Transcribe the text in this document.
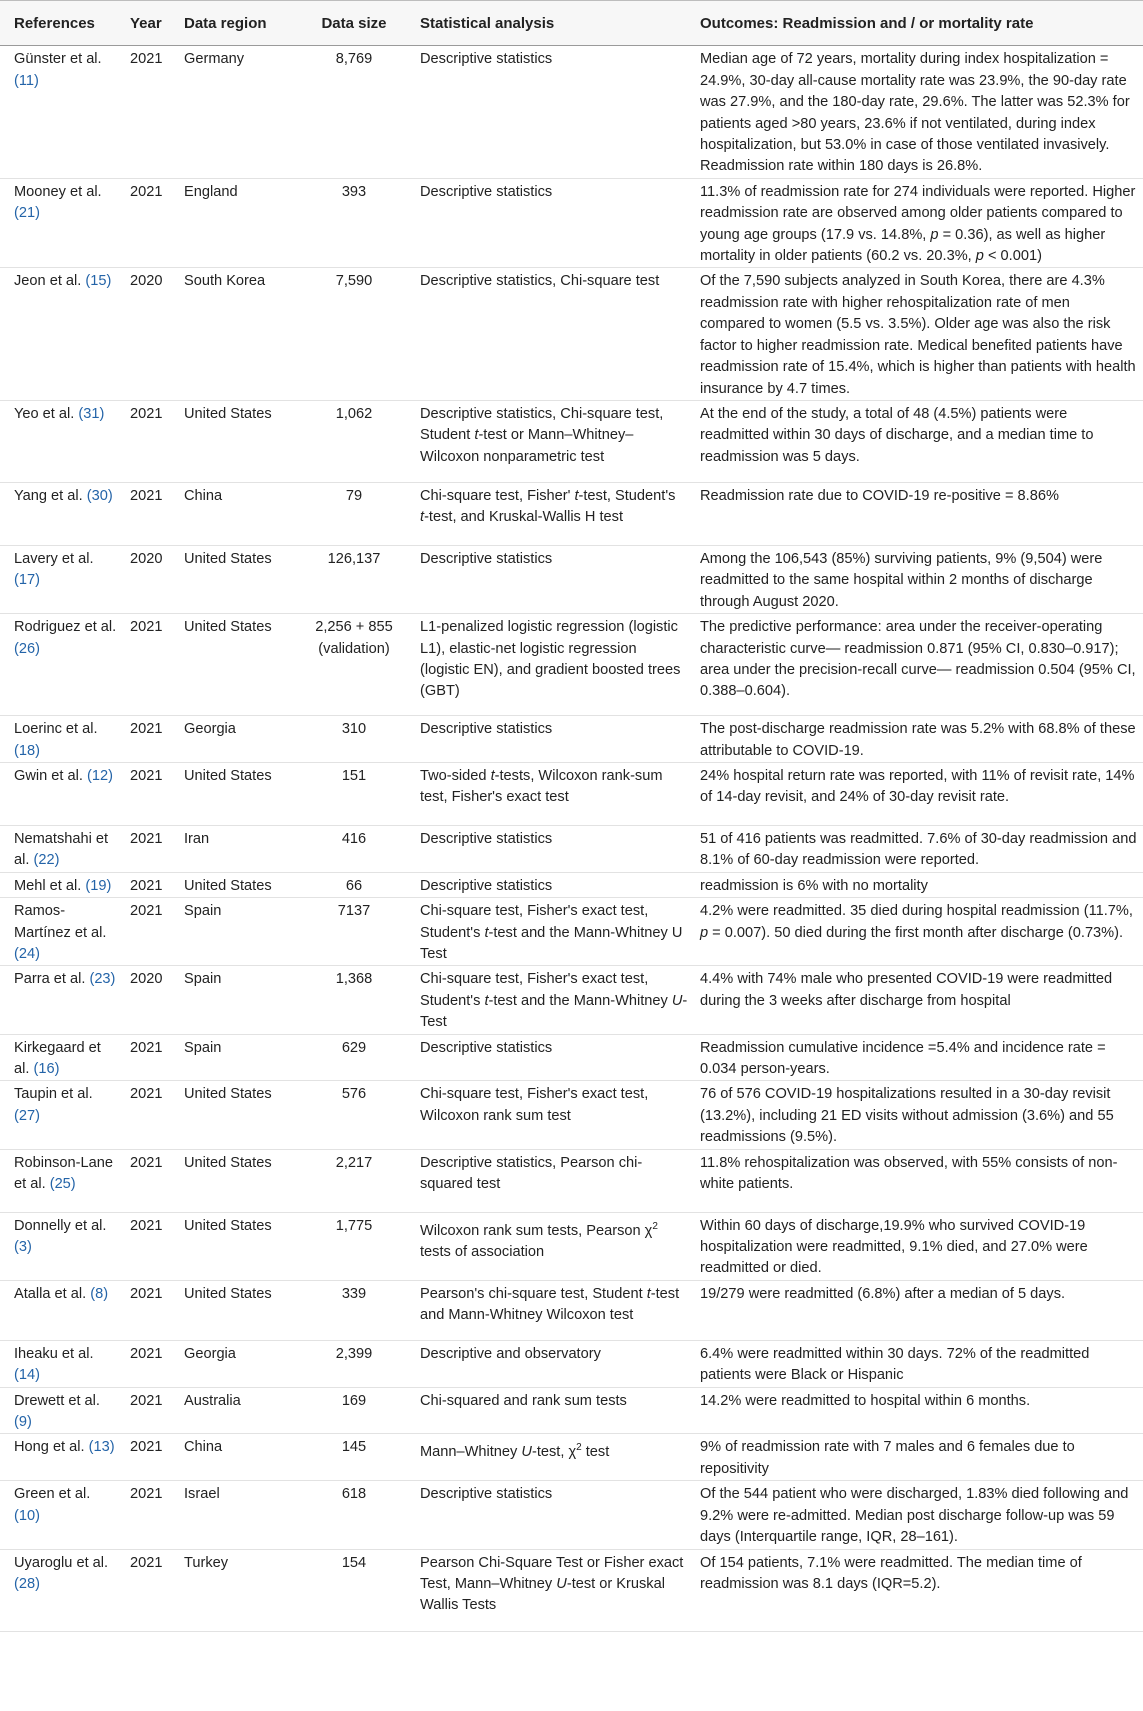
References	Year	Data region	Data size	Statistical analysis	Outcomes: Readmission and / or mortality rate

Günster et al. (11)	2021	Germany	8,769	Descriptive statistics	Median age of 72 years, mortality during index hospitalization = 24.9%, 30-day all-cause mortality rate was 23.9%, the 90-day rate was 27.9%, and the 180-day rate, 29.6%. The latter was 52.3% for patients aged >80 years, 23.6% if not ventilated, during index hospitalization, but 53.0% in case of those ventilated invasively. Readmission rate within 180 days is 26.8%.

Mooney et al. (21)	2021	England	393	Descriptive statistics	11.3% of readmission rate for 274 individuals were reported. Higher readmission rate are observed among older patients compared to young age groups (17.9 vs. 14.8%, p = 0.36), as well as higher mortality in older patients (60.2 vs. 20.3%, p < 0.001)

Jeon et al. (15)	2020	South Korea	7,590	Descriptive statistics, Chi-square test	Of the 7,590 subjects analyzed in South Korea, there are 4.3% readmission rate with higher rehospitalization rate of men compared to women (5.5 vs. 3.5%). Older age was also the risk factor to higher readmission rate. Medical benefited patients have readmission rate of 15.4%, which is higher than patients with health insurance by 4.7 times.

Yeo et al. (31)	2021	United States	1,062	Descriptive statistics, Chi-square test, Student t-test or Mann–Whitney–Wilcoxon nonparametric test	At the end of the study, a total of 48 (4.5%) patients were readmitted within 30 days of discharge, and a median time to readmission was 5 days.

Yang et al. (30)	2021	China	79	Chi-square test, Fisher' t-test, Student's t-test, and Kruskal-Wallis H test	Readmission rate due to COVID-19 re-positive = 8.86%

Lavery et al. (17)	2020	United States	126,137	Descriptive statistics	Among the 106,543 (85%) surviving patients, 9% (9,504) were readmitted to the same hospital within 2 months of discharge through August 2020.

Rodriguez et al. (26)	2021	United States	2,256 + 855 (validation)	L1-penalized logistic regression (logistic L1), elastic-net logistic regression (logistic EN), and gradient boosted trees (GBT)	The predictive performance: area under the receiver-operating characteristic curve— readmission 0.871 (95% CI, 0.830–0.917); area under the precision-recall curve— readmission 0.504 (95% CI, 0.388–0.604).

Loerinc et al. (18)	2021	Georgia	310	Descriptive statistics	The post-discharge readmission rate was 5.2% with 68.8% of these attributable to COVID-19.

Gwin et al. (12)	2021	United States	151	Two-sided t-tests, Wilcoxon rank-sum test, Fisher's exact test	24% hospital return rate was reported, with 11% of revisit rate, 14% of 14-day revisit, and 24% of 30-day revisit rate.

Nematshahi et al. (22)	2021	Iran	416	Descriptive statistics	51 of 416 patients was readmitted. 7.6% of 30-day readmission and 8.1% of 60-day readmission were reported.

Mehl et al. (19)	2021	United States	66	Descriptive statistics	readmission is 6% with no mortality

Ramos-Martínez et al. (24)	2021	Spain	7137	Chi-square test, Fisher's exact test, Student's t-test and the Mann-Whitney U Test	4.2% were readmitted. 35 died during hospital readmission (11.7%, p = 0.007). 50 died during the first month after discharge (0.73%).

Parra et al. (23)	2020	Spain	1,368	Chi-square test, Fisher's exact test, Student's t-test and the Mann-Whitney U-Test	4.4% with 74% male who presented COVID-19 were readmitted during the 3 weeks after discharge from hospital

Kirkegaard et al. (16)	2021	Spain	629	Descriptive statistics	Readmission cumulative incidence =5.4% and incidence rate = 0.034 person-years.

Taupin et al. (27)	2021	United States	576	Chi-square test, Fisher's exact test, Wilcoxon rank sum test	76 of 576 COVID-19 hospitalizations resulted in a 30-day revisit (13.2%), including 21 ED visits without admission (3.6%) and 55 readmissions (9.5%).

Robinson-Lane et al. (25)	2021	United States	2,217	Descriptive statistics, Pearson chi-squared test	11.8% rehospitalization was observed, with 55% consists of non-white patients.

Donnelly et al. (3)	2021	United States	1,775	Wilcoxon rank sum tests, Pearson $\chi^2$ tests of association	Within 60 days of discharge,19.9% who survived COVID-19 hospitalization were readmitted, 9.1% died, and 27.0% were readmitted or died.

Atalla et al. (8)	2021	United States	339	Pearson's chi-square test, Student t-test and Mann-Whitney Wilcoxon test	19/279 were readmitted (6.8%) after a median of 5 days.

Iheaku et al. (14)	2021	Georgia	2,399	Descriptive and observatory	6.4% were readmitted within 30 days. 72% of the readmitted patients were Black or Hispanic

Drewett et al. (9)	2021	Australia	169	Chi-squared and rank sum tests	14.2% were readmitted to hospital within 6 months.

Hong et al. (13)	2021	China	145	Mann–Whitney U-test, $\chi^2$ test	9% of readmission rate with 7 males and 6 females due to repositivity

Green et al. (10)	2021	Israel	618	Descriptive statistics	Of the 544 patient who were discharged, 1.83% died following and 9.2% were re-admitted. Median post discharge follow-up was 59 days (Interquartile range, IQR, 28–161).

Uyaroglu et al. (28)	2021	Turkey	154	Pearson Chi-Square Test or Fisher exact Test, Mann–Whitney U-test or Kruskal Wallis Tests	Of 154 patients, 7.1% were readmitted. The median time of readmission was 8.1 days (IQR=5.2).
